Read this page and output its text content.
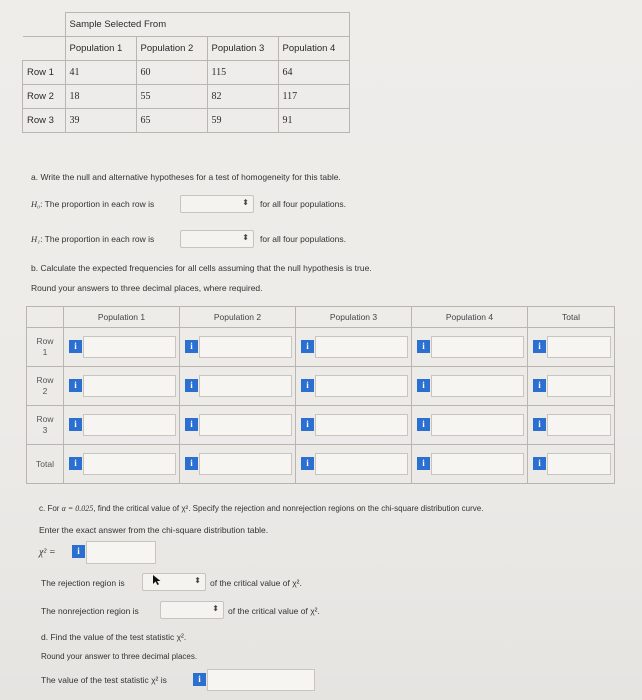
	Sample Selected From			
	Population 1	Population 2	Population 3	Population 4
Row 1	41	60	115	64
Row 2	18	55	82	117
Row 3	39	65	59	91
a. Write the null and alternative hypotheses for a test of homogeneity for this table.
H₀: The proportion in each row is	⬍ for all four populations.
H₁: The proportion in each row is	⬍ for all four populations.
b. Calculate the expected frequencies for all cells assuming that the null hypothesis is true.
Round your answers to three decimal places, where required.
	Population 1	Population 2	Population 3	Population 4	Total

Row
1	i	i	i	i	i

Row
2	i	i	i	i	i

Row
3	i	i	i	i	i

Total	i	i	i	i	i
c. For α = 0.025, find the critical value of χ². Specify the rejection and nonrejection regions on the chi-square distribution curve.
Enter the exact answer from the chi-square distribution table.
χ² =	i
The rejection region is	⬍ of the critical value of χ².
The nonrejection region is	⬍ of the critical value of χ².
d. Find the value of the test statistic χ².
Round your answer to three decimal places.
The value of the test statistic χ² is	i
